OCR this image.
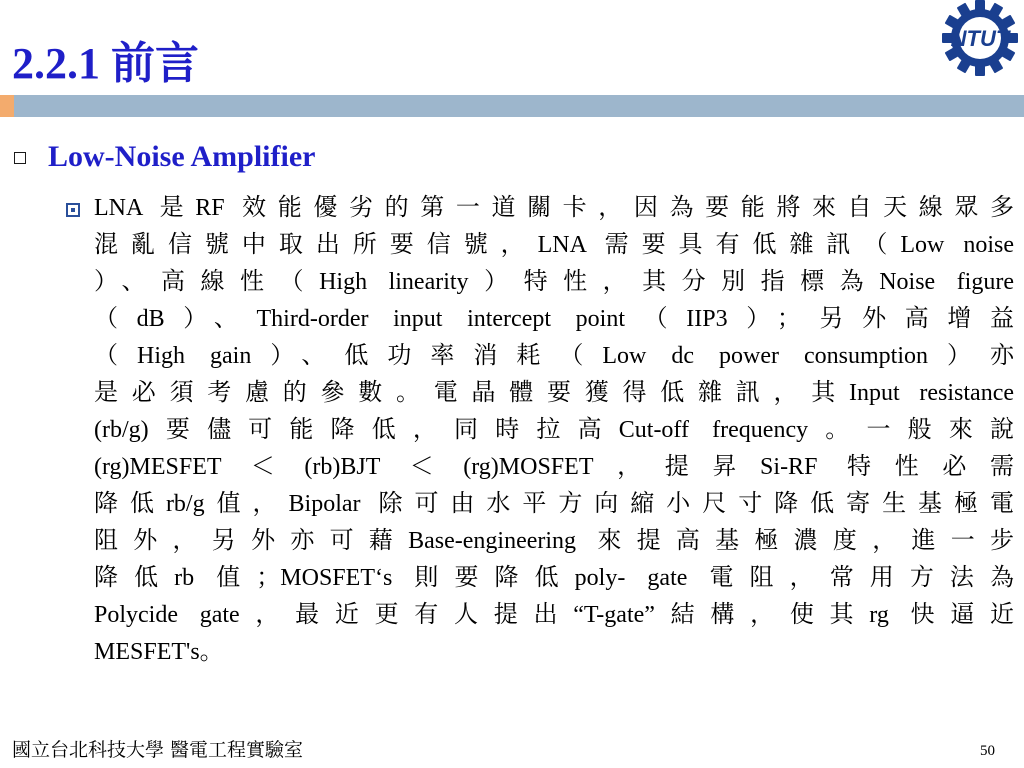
2.2.1 前言
NTUT
Low-Noise Amplifier
LNA 是RF 效能優劣的第一道關卡，因為要能將來自天線眾多
混亂信號中取出所要信號，LNA 需要具有低雜訊（Low noise
）、高線性（High linearity）特性，其分別指標為Noise figure
（dB）、Third-order input intercept point（IIP3）；另外高增益
（High gain）、低功率消耗（Low dc power consumption）亦
是必須考慮的參數。電晶體要獲得低雜訊，其Input resistance
(rb/g)要儘可能降低，同時拉高Cut-off frequency。一般來說
(rg)MESFET ＜ (rb)BJT ＜ (rg)MOSFET，提昇Si-RF 特性必需
降低rb/g值，Bipolar 除可由水平方向縮小尺寸降低寄生基極電
阻外，另外亦可藉Base-engineering 來提高基極濃度，進一步
降低rb 值；MOSFET‘s 則要降低poly- gate 電阻，常用方法為
Polycide gate，最近更有人提出“T-gate”結構，使其rg 快逼近
MESFET's。
國立台北科技大學 醫電工程實驗室	50
